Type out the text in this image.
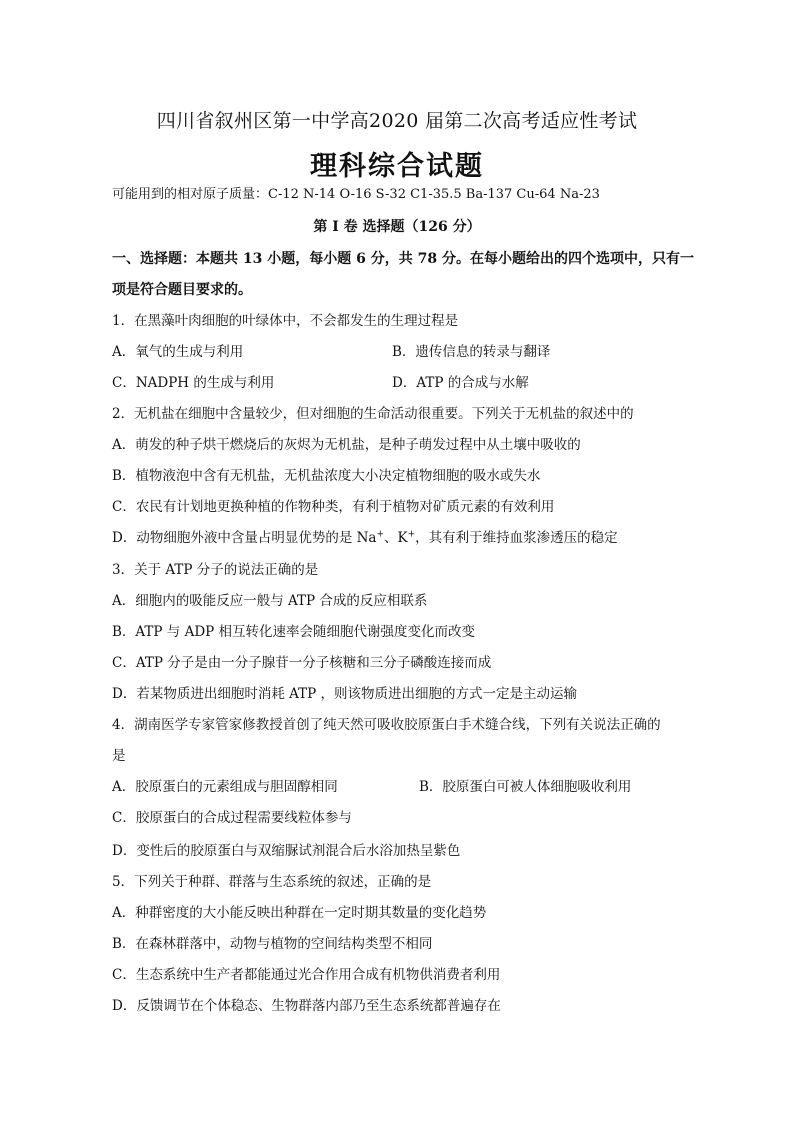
四川省叙州区第一中学高2020 届第二次高考适应性考试
理科综合试题
可能用到的相对原子质量：C-12 N-14 O-16 S-32 C1-35.5 Ba-137 Cu-64 Na-23
第 I 卷 选择题（126 分）
一、选择题：本题共 13 小题，每小题 6 分，共 78 分。在每小题给出的四个选项中，只有一
项是符合题目要求的。
1．在黑藻叶肉细胞的叶绿体中，不会都发生的生理过程是
A．氧气的生成与利用	B．遗传信息的转录与翻译
C．NADPH 的生成与利用	D．ATP 的合成与水解
2．无机盐在细胞中含量较少，但对细胞的生命活动很重要。下列关于无机盐的叙述中的
A．萌发的种子烘干燃烧后的灰烬为无机盐，是种子萌发过程中从土壤中吸收的
B．植物液泡中含有无机盐，无机盐浓度大小决定植物细胞的吸水或失水
C．农民有计划地更换种植的作物种类，有利于植物对矿质元素的有效利用
D．动物细胞外液中含量占明显优势的是 Na+、K+，其有利于维持血浆渗透压的稳定
3．关于 ATP 分子的说法正确的是
A．细胞内的吸能反应一般与 ATP 合成的反应相联系
B．ATP 与 ADP 相互转化速率会随细胞代谢强度变化而改变
C．ATP 分子是由一分子腺苷一分子核糖和三分子磷酸连接而成
D．若某物质进出细胞时消耗 ATP ，则该物质进出细胞的方式一定是主动运输
4．湖南医学专家管家修教授首创了纯天然可吸收胶原蛋白手术缝合线，下列有关说法正确的
是
A．胶原蛋白的元素组成与胆固醇相同	B．胶原蛋白可被人体细胞吸收利用
C．胶原蛋白的合成过程需要线粒体参与
D．变性后的胶原蛋白与双缩脲试剂混合后水浴加热呈紫色
5．下列关于种群、群落与生态系统的叙述，正确的是
A．种群密度的大小能反映出种群在一定时期其数量的变化趋势
B．在森林群落中，动物与植物的空间结构类型不相同
C．生态系统中生产者都能通过光合作用合成有机物供消费者利用
D．反馈调节在个体稳态、生物群落内部乃至生态系统都普遍存在
